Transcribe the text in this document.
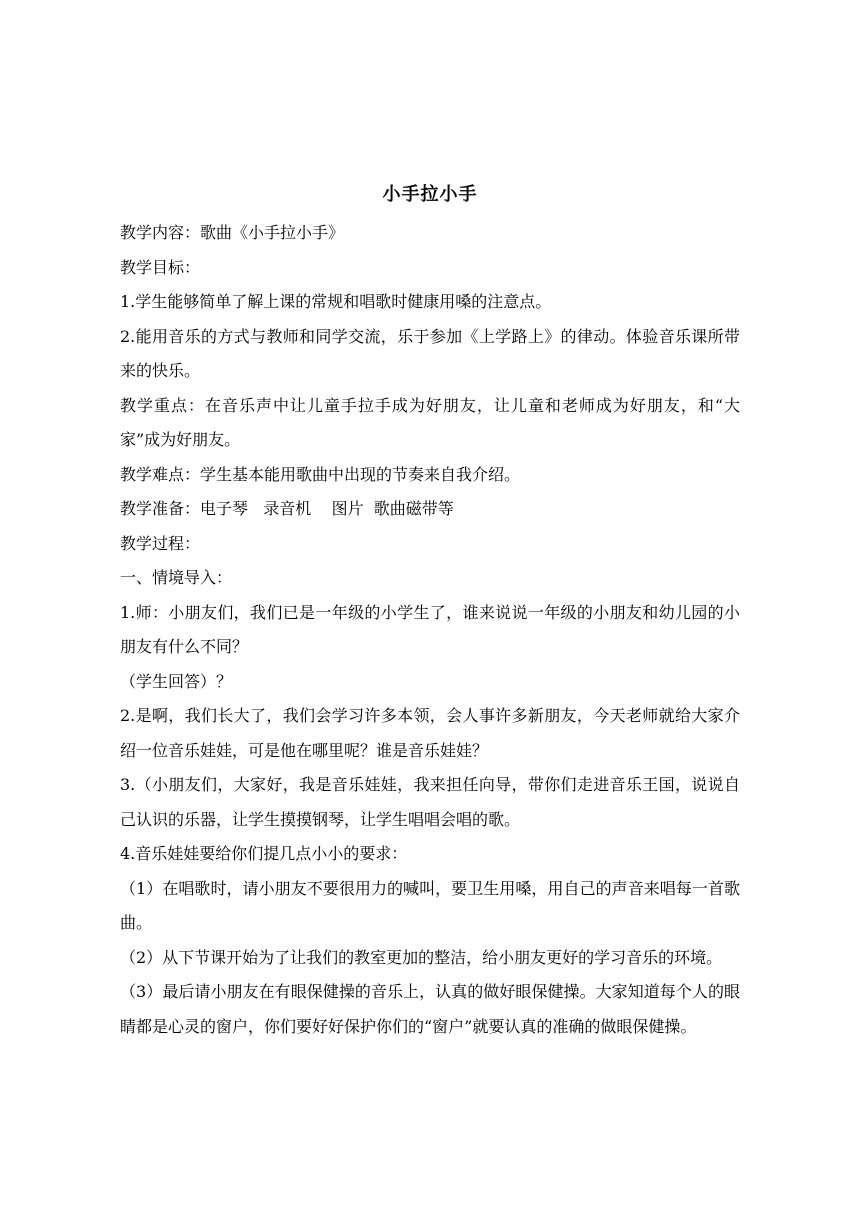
小手拉小手

教学内容：歌曲《小手拉小手》

教学目标：

1.学生能够简单了解上课的常规和唱歌时健康用嗓的注意点。

2.能用音乐的方式与教师和同学交流，乐于参加《上学路上》的律动。体验音乐课所带来的快乐。

教学重点：在音乐声中让儿童手拉手成为好朋友，让儿童和老师成为好朋友，和“大家”成为好朋友。

教学难点：学生基本能用歌曲中出现的节奏来自我介绍。

教学准备：电子琴   录音机    图片  歌曲磁带等

教学过程：

一、情境导入：

1.师：小朋友们，我们已是一年级的小学生了，谁来说说一年级的小朋友和幼儿园的小朋友有什么不同？

（学生回答）？

2.是啊，我们长大了，我们会学习许多本领，会人事许多新朋友，今天老师就给大家介绍一位音乐娃娃，可是他在哪里呢？谁是音乐娃娃？

3.（小朋友们，大家好，我是音乐娃娃，我来担任向导，带你们走进音乐王国，说说自己认识的乐器，让学生摸摸钢琴，让学生唱唱会唱的歌。

4.音乐娃娃要给你们提几点小小的要求：

（1）在唱歌时，请小朋友不要很用力的喊叫，要卫生用嗓，用自己的声音来唱每一首歌曲。

（2）从下节课开始为了让我们的教室更加的整洁，给小朋友更好的学习音乐的环境。

（3）最后请小朋友在有眼保健操的音乐上，认真的做好眼保健操。大家知道每个人的眼睛都是心灵的窗户，你们要好好保护你们的“窗户”就要认真的准确的做眼保健操。
